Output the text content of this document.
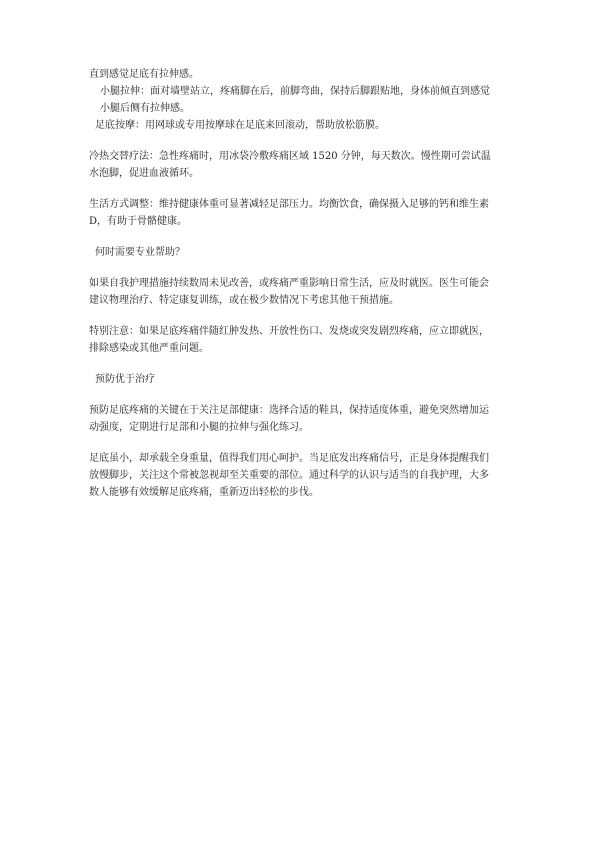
直到感觉足底有拉伸感。
小腿拉伸：面对墙壁站立，疼痛脚在后，前脚弯曲，保持后脚跟贴地，身体前倾直到感觉
小腿后侧有拉伸感。
足底按摩：用网球或专用按摩球在足底来回滚动，帮助放松筋膜。
冷热交替疗法：急性疼痛时，用冰袋冷敷疼痛区域 1520 分钟，每天数次。慢性期可尝试温
水泡脚，促进血液循环。
生活方式调整：维持健康体重可显著减轻足部压力。均衡饮食，确保摄入足够的钙和维生素
D，有助于骨骼健康。
何时需要专业帮助？
如果自我护理措施持续数周未见改善，或疼痛严重影响日常生活，应及时就医。医生可能会
建议物理治疗、特定康复训练，或在极少数情况下考虑其他干预措施。
特别注意：如果足底疼痛伴随红肿发热、开放性伤口、发烧或突发剧烈疼痛，应立即就医，
排除感染或其他严重问题。
预防优于治疗
预防足底疼痛的关键在于关注足部健康：选择合适的鞋具，保持适度体重，避免突然增加运
动强度，定期进行足部和小腿的拉伸与强化练习。
足底虽小，却承载全身重量，值得我们用心呵护。当足底发出疼痛信号，正是身体提醒我们
放慢脚步，关注这个常被忽视却至关重要的部位。通过科学的认识与适当的自我护理，大多
数人能够有效缓解足底疼痛，重新迈出轻松的步伐。
